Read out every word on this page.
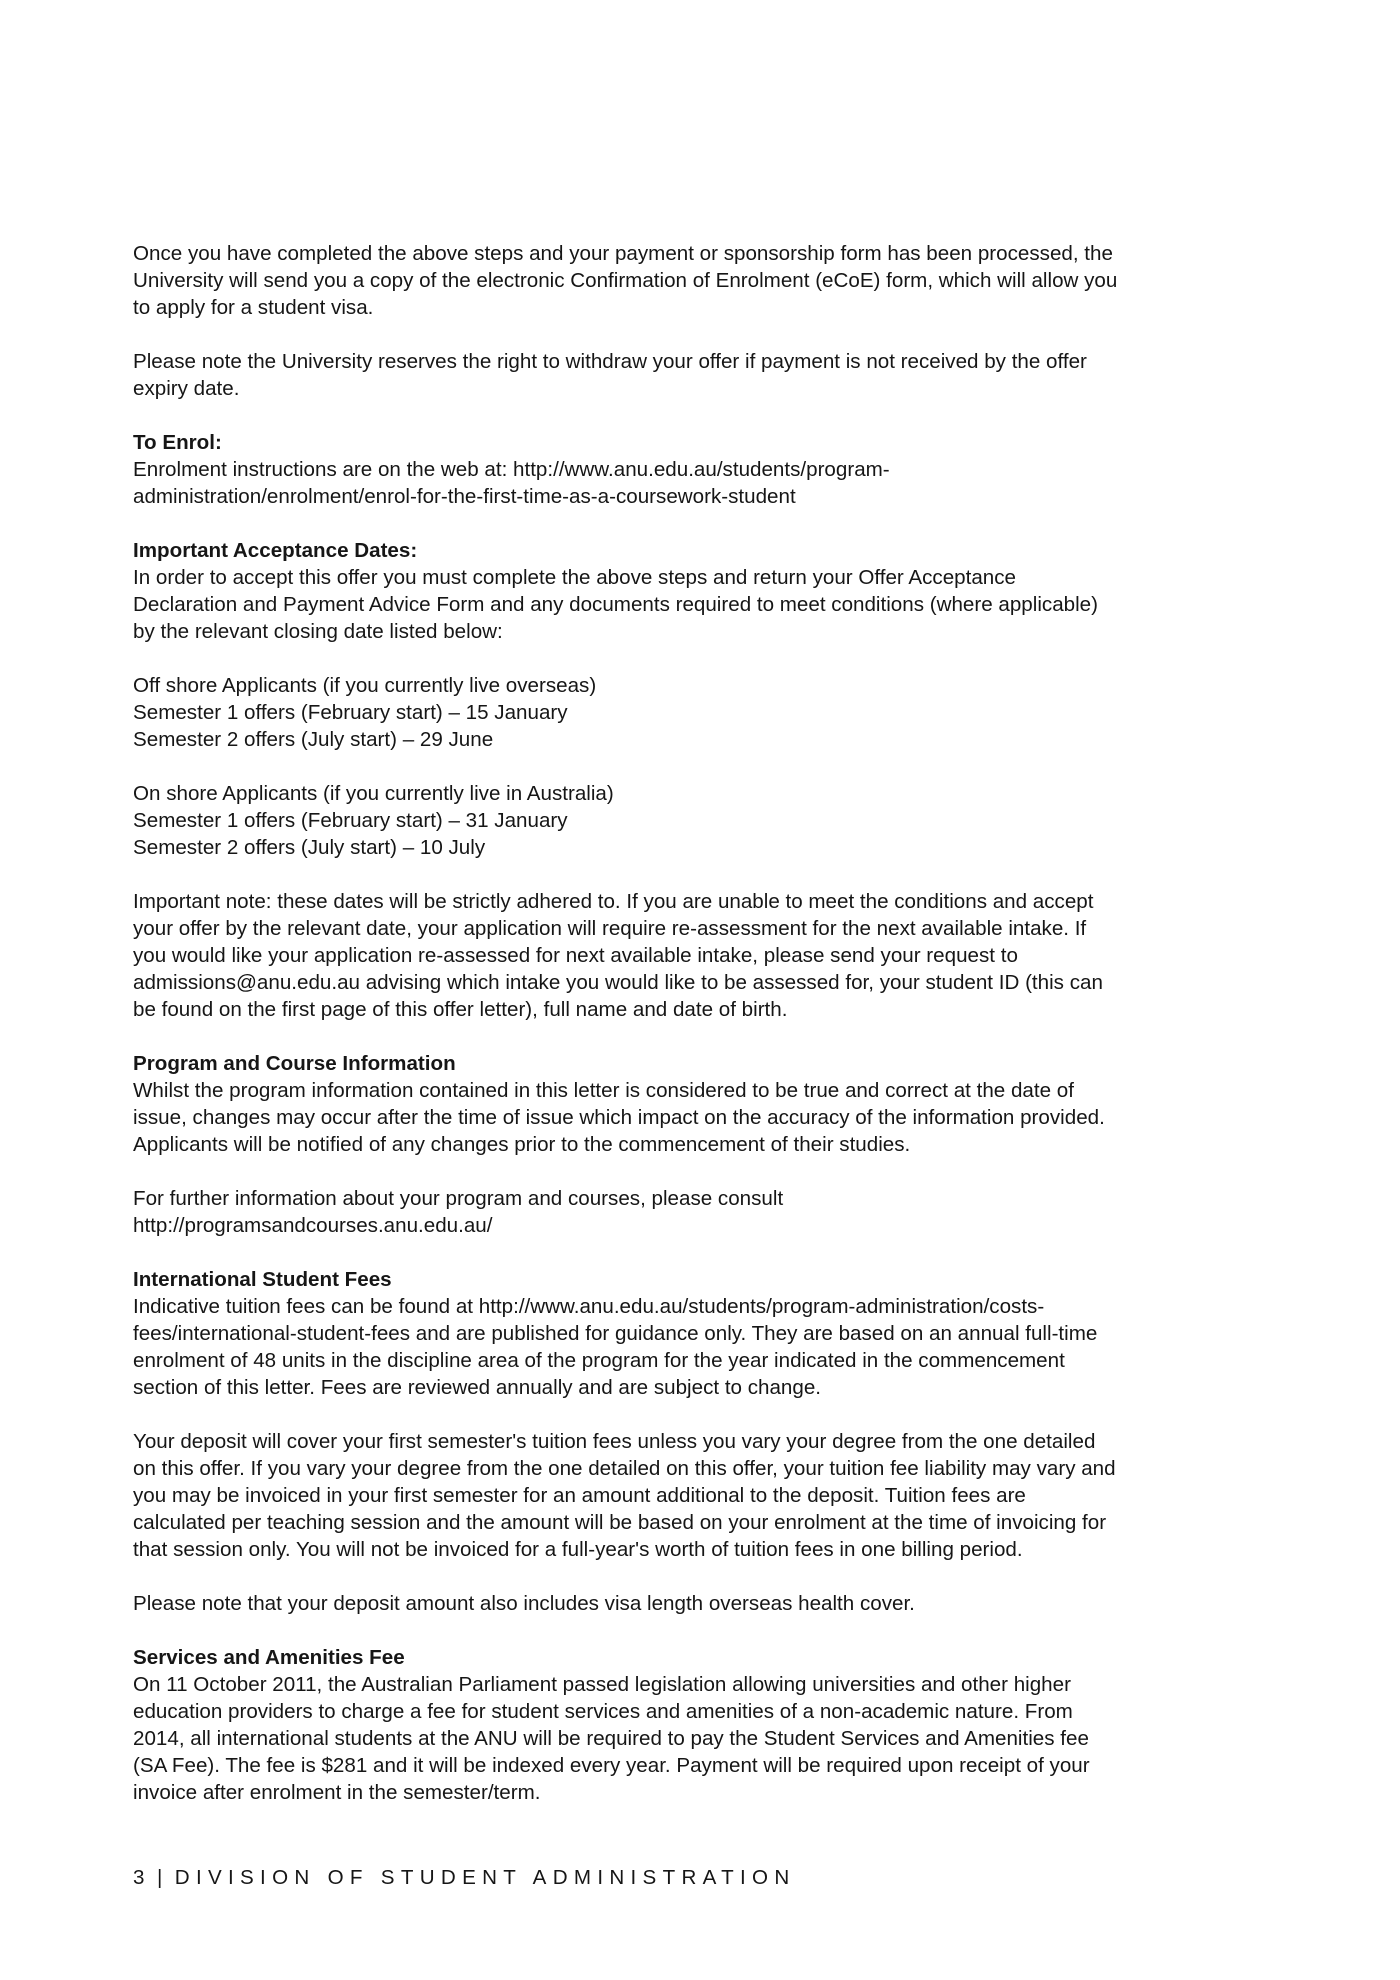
Once you have completed the above steps and your payment or sponsorship form has been processed, the
University will send you a copy of the electronic Confirmation of Enrolment (eCoE) form, which will allow you
to apply for a student visa.

Please note the University reserves the right to withdraw your offer if payment is not received by the offer
expiry date.

To Enrol:
Enrolment instructions are on the web at: http://www.anu.edu.au/students/program-
administration/enrolment/enrol-for-the-first-time-as-a-coursework-student

Important Acceptance Dates:
In order to accept this offer you must complete the above steps and return your Offer Acceptance
Declaration and Payment Advice Form and any documents required to meet conditions (where applicable)
by the relevant closing date listed below:

Off shore Applicants (if you currently live overseas)
Semester 1 offers (February start) – 15 January
Semester 2 offers (July start) – 29 June

On shore Applicants (if you currently live in Australia)
Semester 1 offers (February start) – 31 January
Semester 2 offers (July start) – 10 July

Important note: these dates will be strictly adhered to. If you are unable to meet the conditions and accept
your offer by the relevant date, your application will require re-assessment for the next available intake. If
you would like your application re-assessed for next available intake, please send your request to
admissions@anu.edu.au advising which intake you would like to be assessed for, your student ID (this can
be found on the first page of this offer letter), full name and date of birth.

Program and Course Information
Whilst the program information contained in this letter is considered to be true and correct at the date of
issue, changes may occur after the time of issue which impact on the accuracy of the information provided.
Applicants will be notified of any changes prior to the commencement of their studies.

For further information about your program and courses, please consult
http://programsandcourses.anu.edu.au/

International Student Fees
Indicative tuition fees can be found at http://www.anu.edu.au/students/program-administration/costs-
fees/international-student-fees and are published for guidance only. They are based on an annual full-time
enrolment of 48 units in the discipline area of the program for the year indicated in the commencement
section of this letter. Fees are reviewed annually and are subject to change.

Your deposit will cover your first semester's tuition fees unless you vary your degree from the one detailed
on this offer. If you vary your degree from the one detailed on this offer, your tuition fee liability may vary and
you may be invoiced in your first semester for an amount additional to the deposit. Tuition fees are
calculated per teaching session and the amount will be based on your enrolment at the time of invoicing for
that session only. You will not be invoiced for a full-year's worth of tuition fees in one billing period.

Please note that your deposit amount also includes visa length overseas health cover.

Services and Amenities Fee
On 11 October 2011, the Australian Parliament passed legislation allowing universities and other higher
education providers to charge a fee for student services and amenities of a non-academic nature. From
2014, all international students at the ANU will be required to pay the Student Services and Amenities fee
(SA Fee). The fee is $281 and it will be indexed every year. Payment will be required upon receipt of your
invoice after enrolment in the semester/term.

3 | DIVISION OF STUDENT ADMINISTRATION
